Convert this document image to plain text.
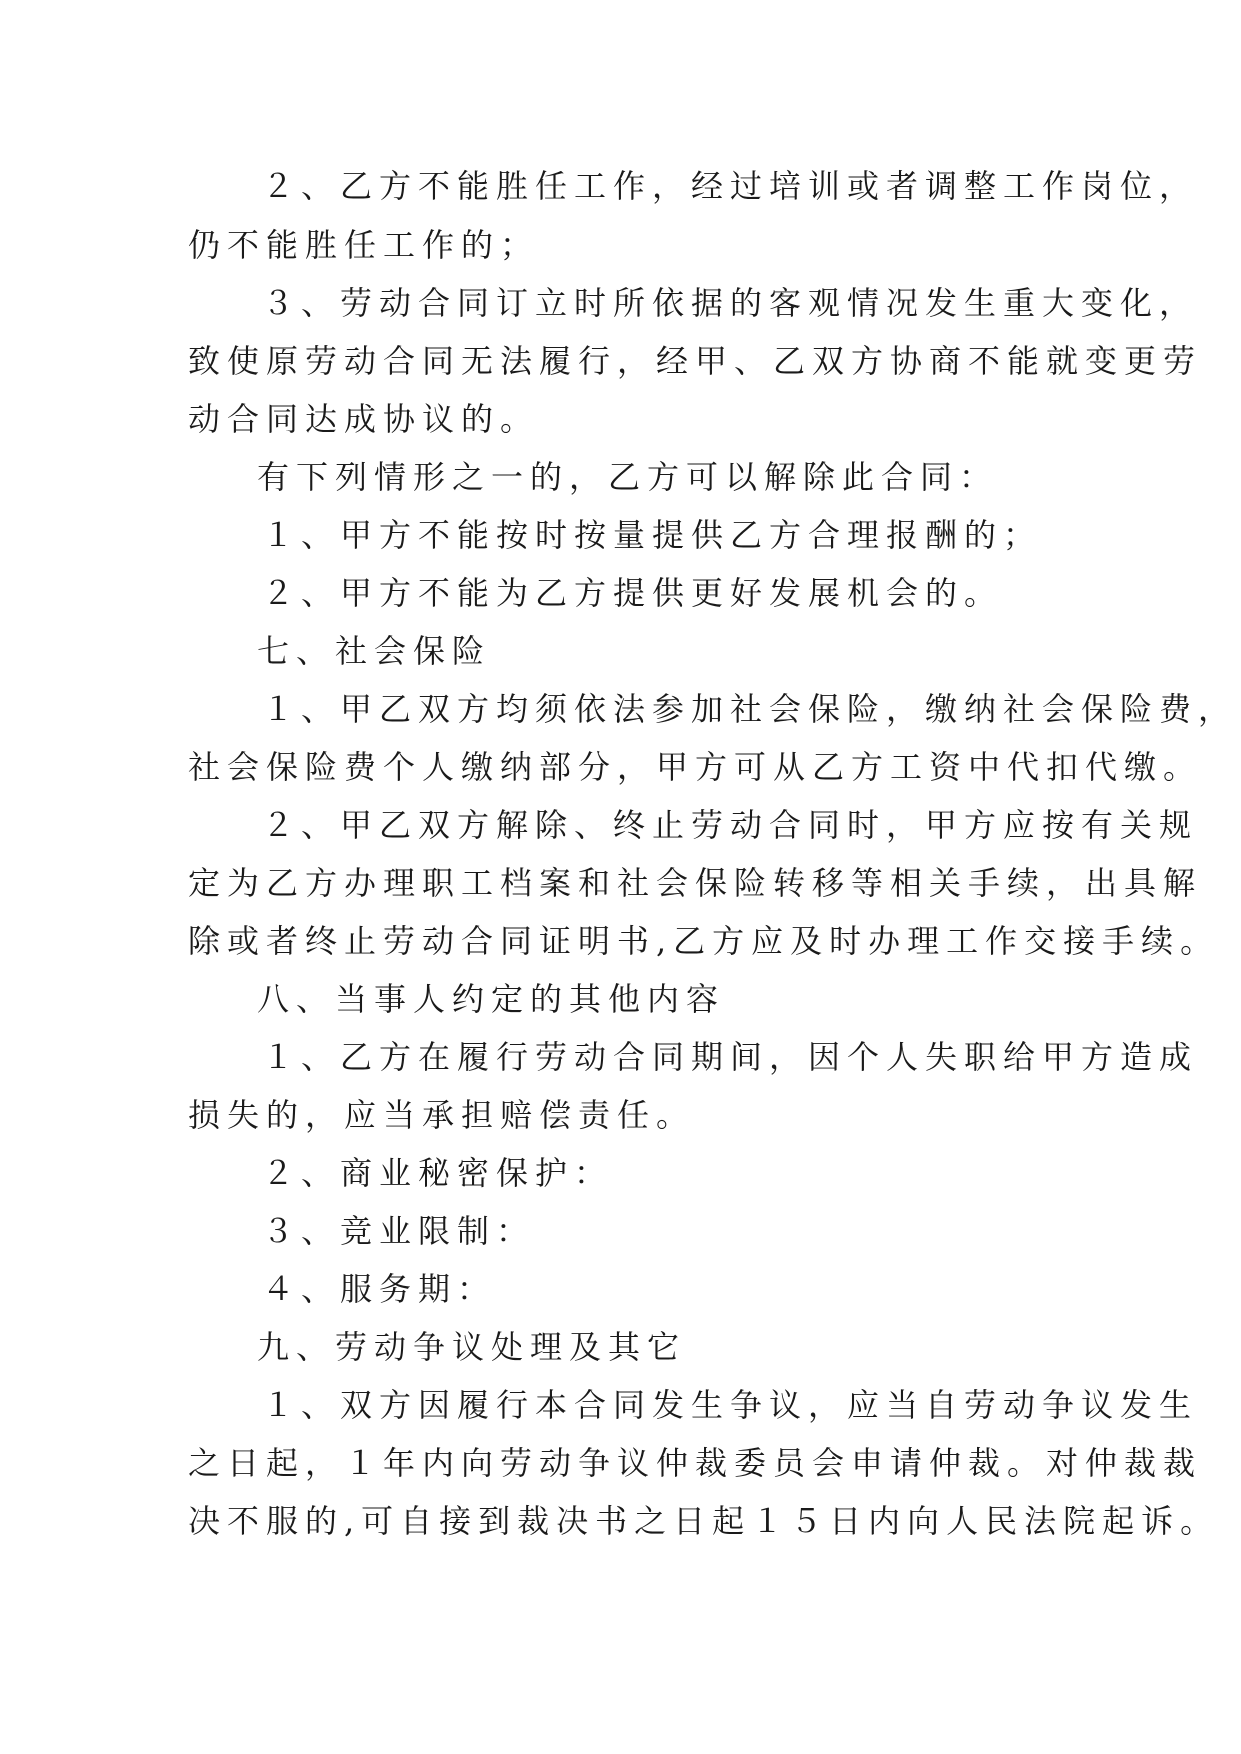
２、乙方不能胜任工作，经过培训或者调整工作岗位，
仍不能胜任工作的；
３、劳动合同订立时所依据的客观情况发生重大变化，
致使原劳动合同无法履行，经甲、乙双方协商不能就变更劳
动合同达成协议的。
有下列情形之一的，乙方可以解除此合同：
１、甲方不能按时按量提供乙方合理报酬的；
２、甲方不能为乙方提供更好发展机会的。
七、社会保险
１、甲乙双方均须依法参加社会保险，缴纳社会保险费，
社会保险费个人缴纳部分，甲方可从乙方工资中代扣代缴。
２、甲乙双方解除、终止劳动合同时，甲方应按有关规
定为乙方办理职工档案和社会保险转移等相关手续，出具解
除或者终止劳动合同证明书,乙方应及时办理工作交接手续。
八、当事人约定的其他内容
１、乙方在履行劳动合同期间，因个人失职给甲方造成
损失的，应当承担赔偿责任。
２、商业秘密保护：
３、竞业限制：
４、服务期：
九、劳动争议处理及其它
１、双方因履行本合同发生争议，应当自劳动争议发生
之日起，１年内向劳动争议仲裁委员会申请仲裁。对仲裁裁
决不服的,可自接到裁决书之日起１５日内向人民法院起诉。
